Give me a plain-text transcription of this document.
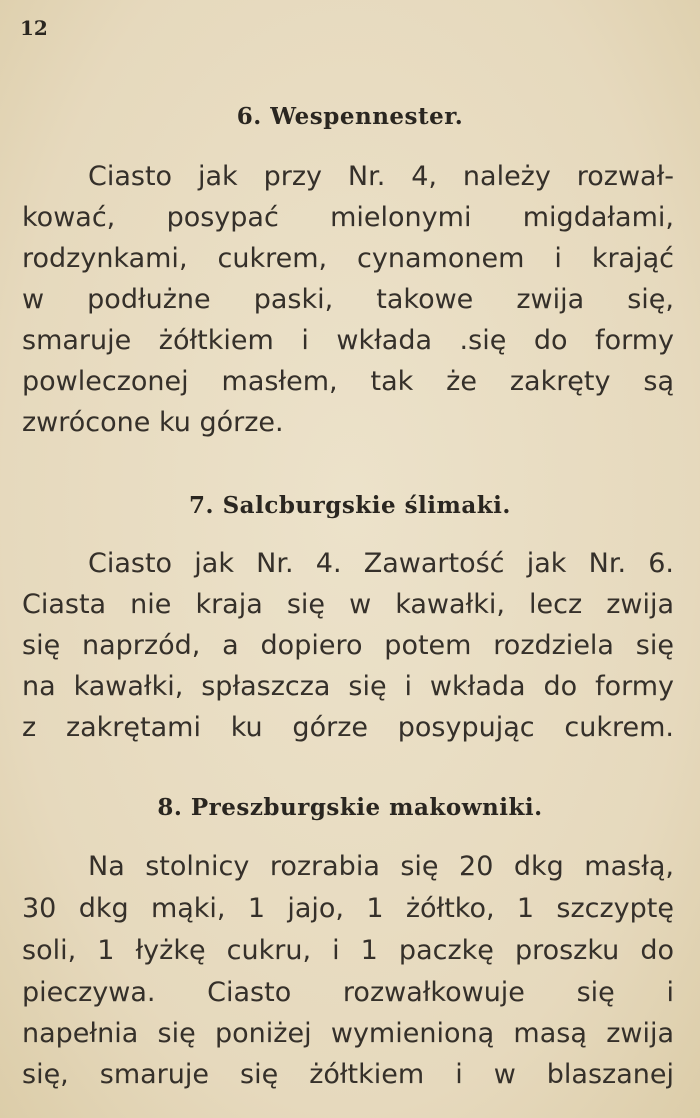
12
6. Wespennester.
Ciasto jak przy Nr. 4, należy rozwał-
kować, posypać mielonymi migdałami,
rodzynkami, cukrem, cynamonem i krająć
w podłużne paski, takowe zwija się,
smaruje żółtkiem i wkłada .się do formy
powleczonej masłem, tak że zakręty są
zwrócone ku górze.
7. Salcburgskie ślimaki.
Ciasto jak Nr. 4. Zawartość jak Nr. 6.
Ciasta nie kraja się w kawałki, lecz zwija
się naprzód, a dopiero potem rozdziela się
na kawałki, spłaszcza się i wkłada do formy
z zakrętami ku górze posypując cukrem.
8. Preszburgskie makowniki.
Na stolnicy rozrabia się 20 dkg masłą,
30 dkg mąki, 1 jajo, 1 żółtko, 1 szczyptę
soli, 1 łyżkę cukru, i 1 paczkę proszku do
pieczywa. Ciasto rozwałkowuje się i
napełnia się poniżej wymienioną masą zwija
się, smaruje się żółtkiem i w blaszanej
